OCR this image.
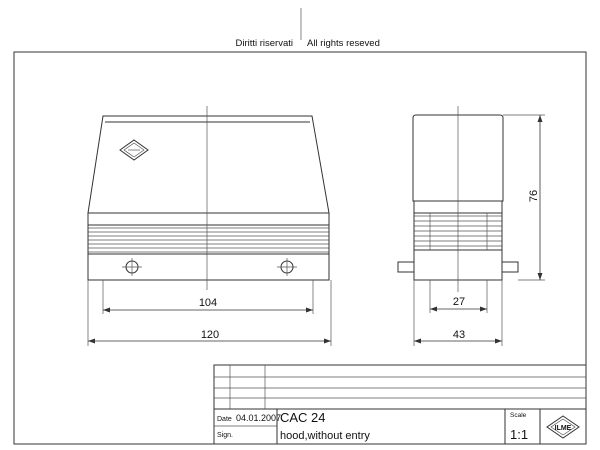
Diritti riservati All rights reseved
104
120
76
27
43
Date 04.01.2007
Sign.
CAC 24
hood,without entry
Scale
1:1	ILME
